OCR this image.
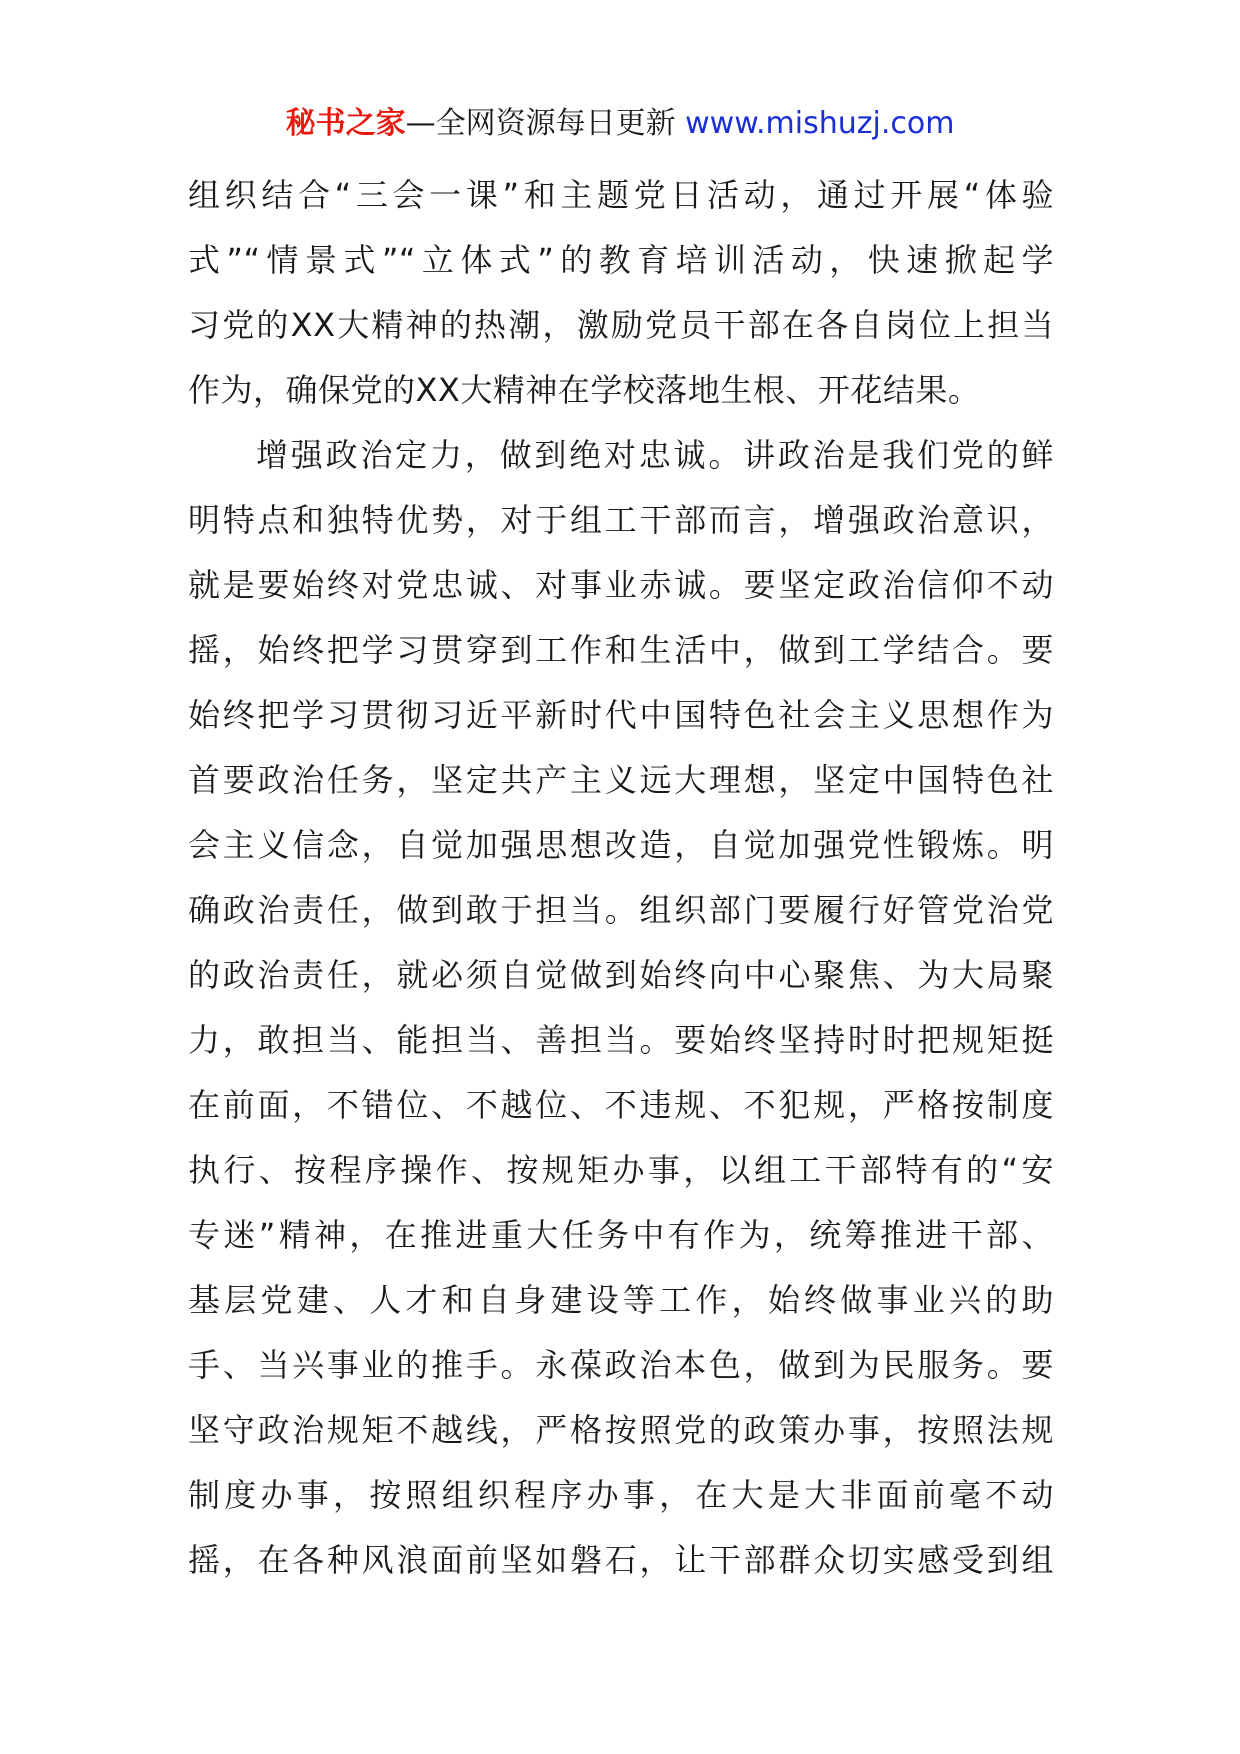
秘书之家—全网资源每日更新 www.mishuzj.com
组织结合“三会一课”和主题党日活动，通过开展“体验
式”“情景式”“立体式”的教育培训活动，快速掀起学
习党的XX大精神的热潮，激励党员干部在各自岗位上担当
作为，确保党的XX大精神在学校落地生根、开花结果。
增强政治定力，做到绝对忠诚。讲政治是我们党的鲜
明特点和独特优势，对于组工干部而言，增强政治意识，
就是要始终对党忠诚、对事业赤诚。要坚定政治信仰不动
摇，始终把学习贯穿到工作和生活中，做到工学结合。要
始终把学习贯彻习近平新时代中国特色社会主义思想作为
首要政治任务，坚定共产主义远大理想，坚定中国特色社
会主义信念，自觉加强思想改造，自觉加强党性锻炼。明
确政治责任，做到敢于担当。组织部门要履行好管党治党
的政治责任，就必须自觉做到始终向中心聚焦、为大局聚
力，敢担当、能担当、善担当。要始终坚持时时把规矩挺
在前面，不错位、不越位、不违规、不犯规，严格按制度
执行、按程序操作、按规矩办事，以组工干部特有的“安
专迷”精神，在推进重大任务中有作为，统筹推进干部、
基层党建、人才和自身建设等工作，始终做事业兴的助
手、当兴事业的推手。永葆政治本色，做到为民服务。要
坚守政治规矩不越线，严格按照党的政策办事，按照法规
制度办事，按照组织程序办事，在大是大非面前毫不动
摇，在各种风浪面前坚如磐石，让干部群众切实感受到组
